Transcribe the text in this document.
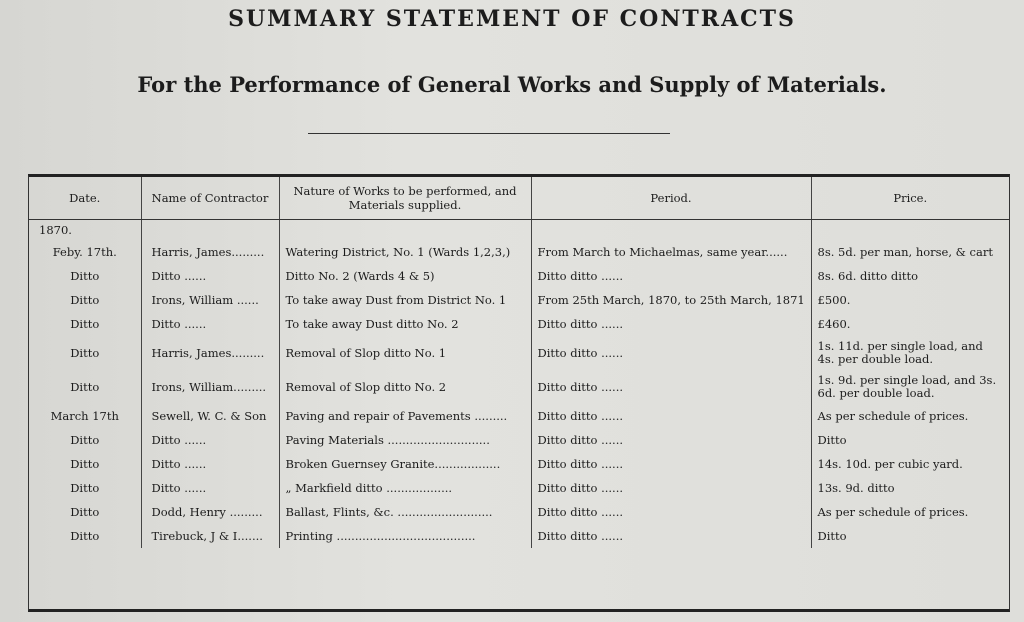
SUMMARY STATEMENT OF CONTRACTS
For the Performance of General Works and Supply of Materials.
Date.	Name of Contractor	Nature of Works to be performed, and Materials supplied.	Period.	Price.
1870.				
Feby. 17th.	Harris, James.........	Watering District, No. 1 (Wards 1,2,3,)	From March to Michaelmas, same year......	8s. 5d. per man, horse, & cart
Ditto	Ditto ......	Ditto No. 2 (Wards 4 & 5)	Ditto ditto ......	8s. 6d. ditto ditto
Ditto	Irons, William ......	To take away Dust from District No. 1	From 25th March, 1870, to 25th March, 1871	£500.
Ditto	Ditto ......	To take away Dust ditto No. 2	Ditto ditto ......	£460.
Ditto	Harris, James.........	Removal of Slop ditto No. 1	Ditto ditto ......	1s. 11d. per single load, and 4s. per double load.
Ditto	Irons, William.........	Removal of Slop ditto No. 2	Ditto ditto ......	1s. 9d. per single load, and 3s. 6d. per double load.
March 17th	Sewell, W. C. & Son	Paving and repair of Pavements .........	Ditto ditto ......	As per schedule of prices.
Ditto	Ditto ......	Paving Materials ............................	Ditto ditto ......	Ditto
Ditto	Ditto ......	Broken Guernsey Granite..................	Ditto ditto ......	14s. 10d. per cubic yard.
Ditto	Ditto ......	„ Markfield ditto ..................	Ditto ditto ......	13s. 9d. ditto
Ditto	Dodd, Henry .........	Ballast, Flints, &c. ..........................	Ditto ditto ......	As per schedule of prices.
Ditto	Tirebuck, J & I.......	Printing ......................................	Ditto ditto ......	Ditto
